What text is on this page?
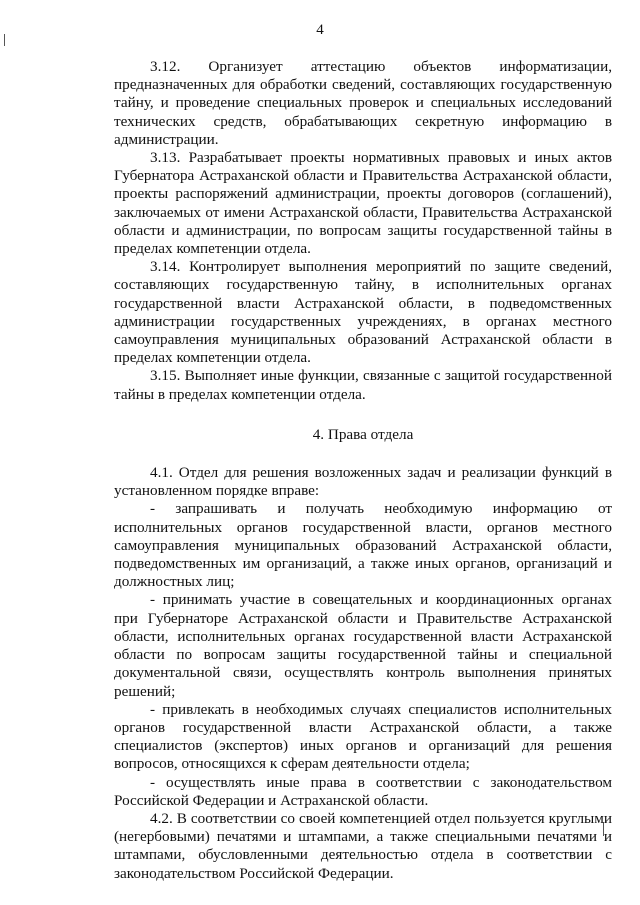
4

3.12. Организует аттестацию объектов информатизации, предназначенных для обработки сведений, составляющих государственную тайну, и проведение специальных проверок и специальных исследований технических средств, обрабатывающих секретную информацию в администрации.

3.13. Разрабатывает проекты нормативных правовых и иных актов Губернатора Астраханской области и Правительства Астраханской области, проекты распоряжений администрации, проекты договоров (соглашений), заключаемых от имени Астраханской области, Правительства Астраханской области и администрации, по вопросам защиты государственной тайны в пределах компетенции отдела.

3.14. Контролирует выполнения мероприятий по защите сведений, составляющих государственную тайну, в исполнительных органах государственной власти Астраханской области, в подведомственных администрации государственных учреждениях, в органах местного самоуправления муниципальных образований Астраханской области в пределах компетенции отдела.

3.15. Выполняет иные функции, связанные с защитой государственной тайны в пределах компетенции отдела.

4. Права отдела

4.1. Отдел для решения возложенных задач и реализации функций в установленном порядке вправе:

- запрашивать и получать необходимую информацию от исполнительных органов государственной власти, органов местного самоуправления муниципальных образований Астраханской области, подведомственных им организаций, а также иных органов, организаций и должностных лиц;

- принимать участие в совещательных и координационных органах при Губернаторе Астраханской области и Правительстве Астраханской области, исполнительных органах государственной власти Астраханской области по вопросам защиты государственной тайны и специальной документальной связи, осуществлять контроль выполнения принятых решений;

- привлекать в необходимых случаях специалистов исполнительных органов государственной власти Астраханской области, а также специалистов (экспертов) иных органов и организаций для решения вопросов, относящихся к сферам деятельности отдела;

- осуществлять иные права в соответствии с законодательством Российской Федерации и Астраханской области.

4.2. В соответствии со своей компетенцией отдел пользуется круглыми (негербовыми) печатями и штампами, а также специальными печатями и штампами, обусловленными деятельностью отдела в соответствии с законодательством Российской Федерации.
